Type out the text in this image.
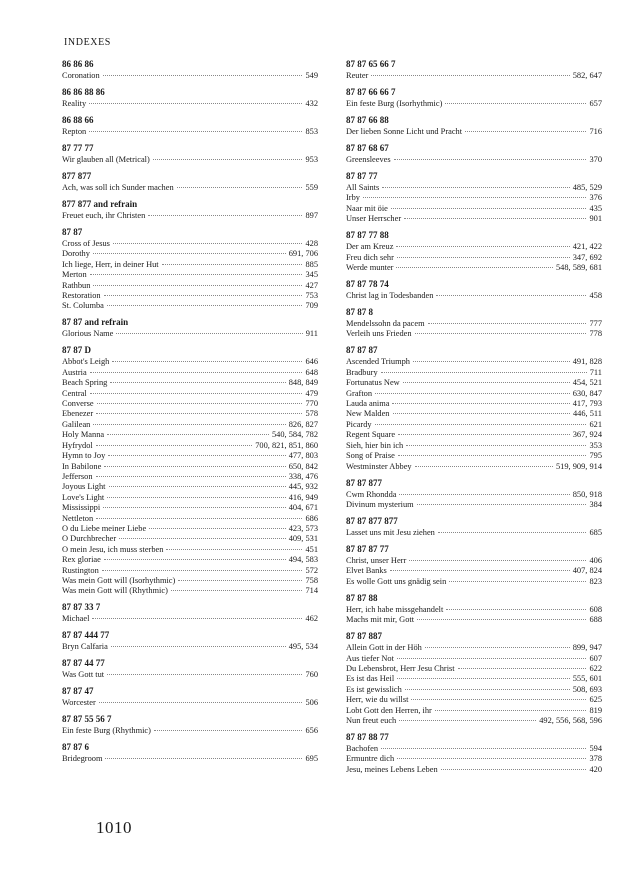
INDEXES
86 86 86
Coronation	549
86 86 88 86
Reality	432
86 88 66
Repton	853
87 77 77
Wir glauben all (Metrical)	953
877 877
Ach, was soll ich Sunder machen	559
877 877 and refrain
Freuet euch, ihr Christen	897
87 87
Cross of Jesus	428
Dorothy	691, 706
Ich liege, Herr, in deiner Hut	885
Merton	345
Rathbun	427
Restoration	753
St. Columba	709
87 87 and refrain
Glorious Name	911
87 87 D
Abbot's Leigh	646
Austria	648
Beach Spring	848, 849
Central	479
Converse	770
Ebenezer	578
Galilean	826, 827
Holy Manna	540, 584, 782
Hyfrydol	700, 821, 851, 860
Hymn to Joy	477, 803
In Babilone	650, 842
Jefferson	338, 476
Joyous Light	445, 932
Love's Light	416, 949
Mississippi	404, 671
Nettleton	686
O du Liebe meiner Liebe	423, 573
O Durchbrecher	409, 531
O mein Jesu, ich muss sterben	451
Rex gloriae	494, 583
Rustington	572
Was mein Gott will (Isorhythmic)	758
Was mein Gott will (Rhythmic)	714
87 87 33 7
Michael	462
87 87 444 77
Bryn Calfaria	495, 534
87 87 44 77
Was Gott tut	760
87 87 47
Worcester	506
87 87 55 56 7
Ein feste Burg (Rhythmic)	656
87 87 6
Bridegroom	695
87 87 65 66 7
Reuter	582, 647
87 87 66 66 7
Ein feste Burg (Isorhythmic)	657
87 87 66 88
Der lieben Sonne Licht und Pracht	716
87 87 68 67
Greensleeves	370
87 87 77
All Saints	485, 529
Irby	376
Naar mit öie	435
Unser Herrscher	901
87 87 77 88
Der am Kreuz	421, 422
Freu dich sehr	347, 692
Werde munter	548, 589, 681
87 87 78 74
Christ lag in Todesbanden	458
87 87 8
Mendelssohn da pacem	777
Verleih uns Frieden	778
87 87 87
Ascended Triumph	491, 828
Bradbury	711
Fortunatus New	454, 521
Grafton	630, 847
Lauda anima	417, 793
New Malden	446, 511
Picardy	621
Regent Square	367, 924
Sieh, hier bin ich	353
Song of Praise	795
Westminster Abbey	519, 909, 914
87 87 877
Cwm Rhondda	850, 918
Divinum mysterium	384
87 87 877 877
Lasset uns mit Jesu ziehen	685
87 87 87 77
Christ, unser Herr	406
Elvet Banks	407, 824
Es wolle Gott uns gnädig sein	823
87 87 88
Herr, ich habe missgehandelt	608
Machs mit mir, Gott	688
87 87 887
Allein Gott in der Höh	899, 947
Aus tiefer Not	607
Du Lebensbrot, Herr Jesu Christ	622
Es ist das Heil	555, 601
Es ist gewisslich	508, 693
Herr, wie du willst	625
Lobt Gott den Herren, ihr	819
Nun freut euch	492, 556, 568, 596
87 87 88 77
Bachofen	594
Ermuntre dich	378
Jesu, meines Lebens Leben	420
1010
